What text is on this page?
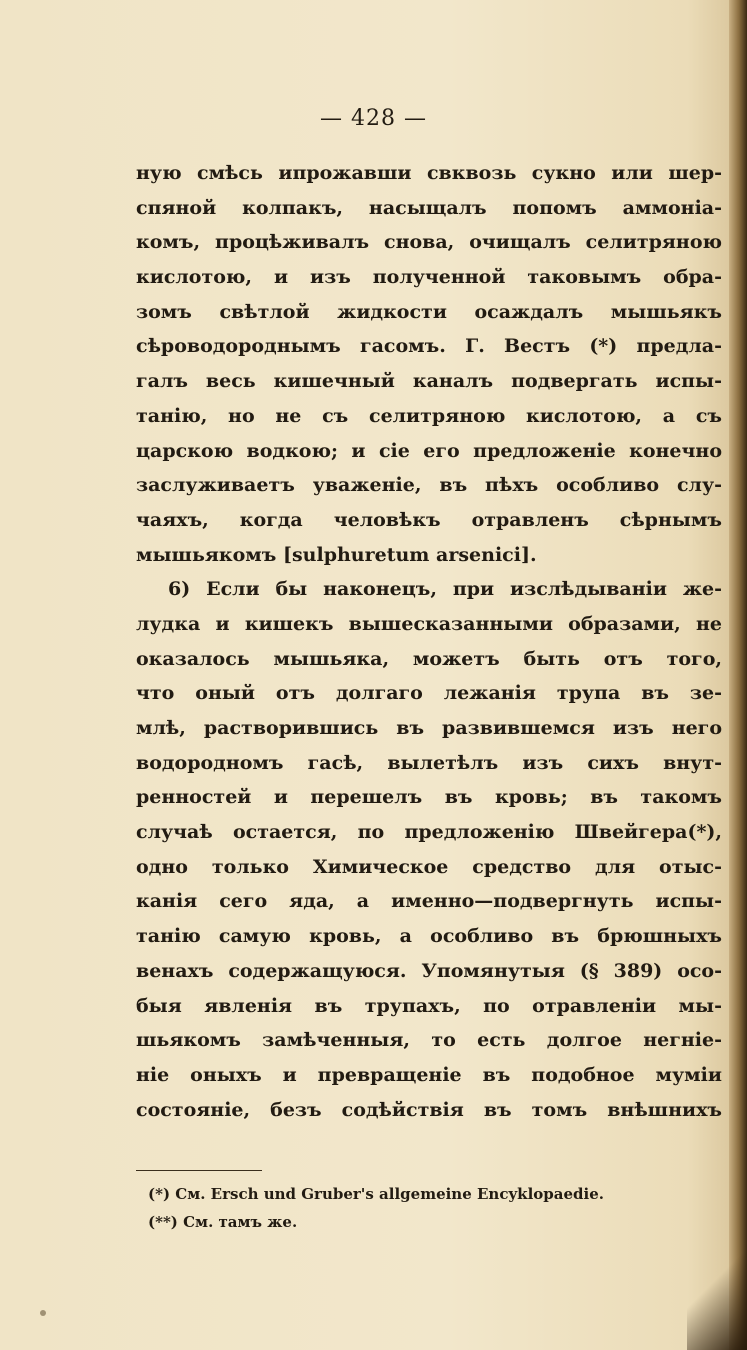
— 428 —
ную смѣсь ипрожавши свквозь сукно или шер-
спяной колпакъ, насыщалъ попомъ аммонiа-
комъ, процѣживалъ снова, очищалъ селитряною
кислотою, и изъ полученной таковымъ обра-
зомъ свѣтлой жидкости осаждалъ мышьякъ
сѣроводороднымъ гасомъ. Г. Вестъ (*) предла-
галъ весь кишечный каналъ подвергать испы-
танiю, но не съ селитряною кислотою, а съ
царскою водкою; и сiе его предложенiе конечно
заслуживаетъ уваженiе, въ пѣхъ особливо слу-
чаяхъ, когда человѣкъ отравленъ сѣрнымъ
мышьякомъ [sulphuretum arsenici].
6) Если бы наконецъ, при изслѣдываніи же-
лудка и кишекъ вышесказанными образами, не
оказалось мышьяка, можетъ быть отъ того,
что оный отъ долгаго лежанiя трупа въ зе-
млѣ, растворившись въ развившемся изъ него
водородномъ гасѣ, вылетѣлъ изъ сихъ внут-
ренностей и перешелъ въ кровь; въ такомъ
случаѣ остается, по предложенiю Швейгера(*),
одно только Химическое средство для отыс-
канiя сего яда, а именно—подвергнуть испы-
танiю самую кровь, а особливо въ брюшныхъ
венахъ содержащуюся. Упомянутыя (§ 389) осо-
быя явленiя въ трупахъ, по отравленiи мы-
шьякомъ замѣченныя, то есть долгое негнiе-
нiе оныхъ и превращенiе въ подобное мумiи
состоянiе, безъ содѣйствiя въ томъ внѣшнихъ
(*) См. Ersch und Gruber's allgemeine Encyklopaedie.
(**) См. тамъ же.
